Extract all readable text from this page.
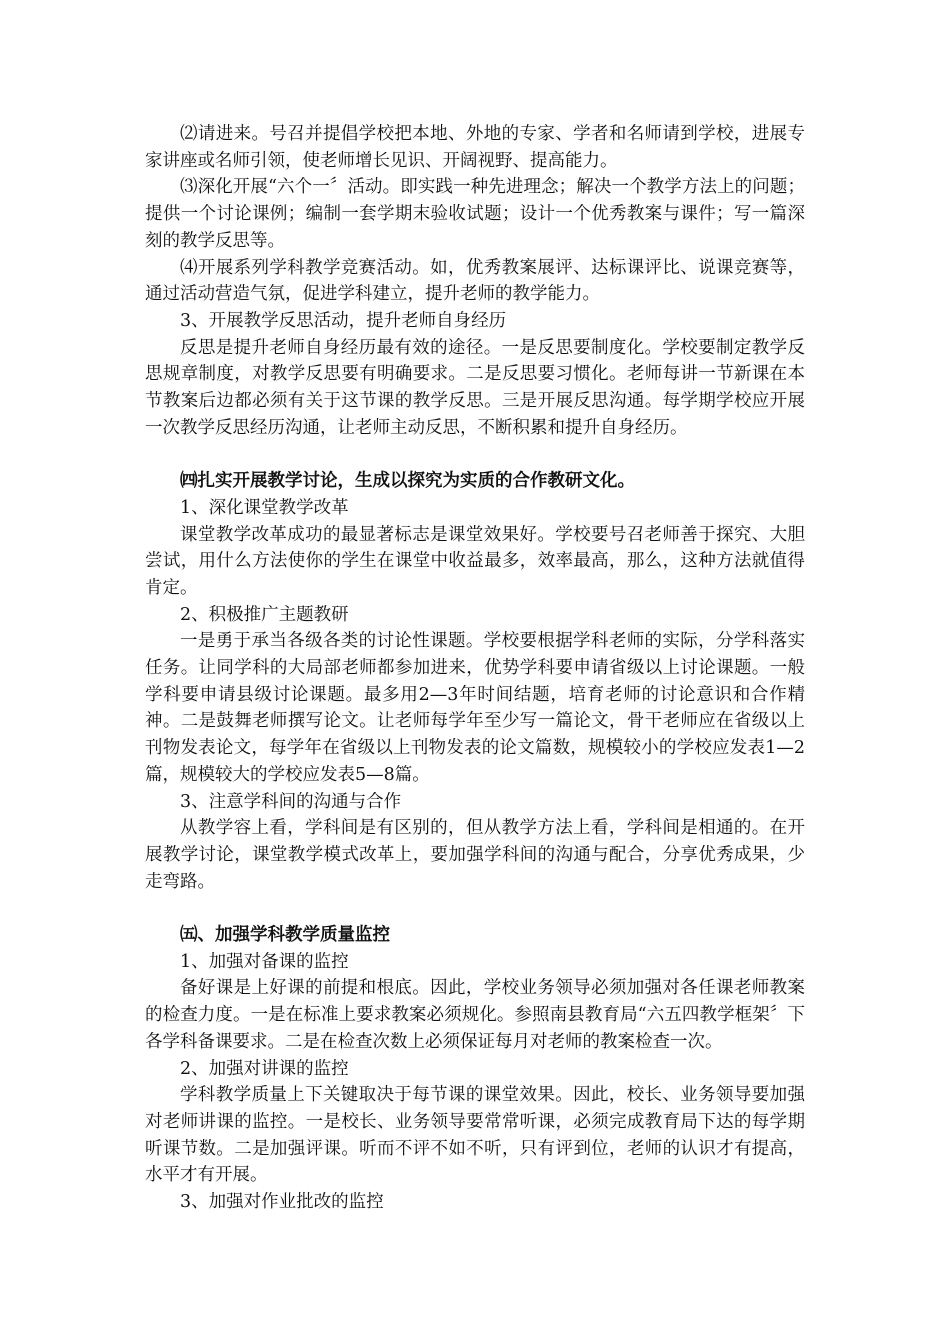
⑵请进来。号召并提倡学校把本地、外地的专家、学者和名师请到学校，进展专家讲座或名师引领，使老师增长见识、开阔视野、提高能力。

⑶深化开展“六个一〞活动。即实践一种先进理念；解决一个教学方法上的问题；提供一个讨论课例；编制一套学期末验收试题；设计一个优秀教案与课件；写一篇深刻的教学反思等。

⑷开展系列学科教学竞赛活动。如，优秀教案展评、达标课评比、说课竞赛等，通过活动营造气氛，促进学科建立，提升老师的教学能力。

3、开展教学反思活动，提升老师自身经历

反思是提升老师自身经历最有效的途径。一是反思要制度化。学校要制定教学反思规章制度，对教学反思要有明确要求。二是反思要习惯化。老师每讲一节新课在本节教案后边都必须有关于这节课的教学反思。三是开展反思沟通。每学期学校应开展一次教学反思经历沟通，让老师主动反思，不断积累和提升自身经历。

㈣扎实开展教学讨论，生成以探究为实质的合作教研文化。

1、深化课堂教学改革

课堂教学改革成功的最显著标志是课堂效果好。学校要号召老师善于探究、大胆尝试，用什么方法使你的学生在课堂中收益最多，效率最高，那么，这种方法就值得肯定。

2、积极推广主题教研

一是勇于承当各级各类的讨论性课题。学校要根据学科老师的实际，分学科落实任务。让同学科的大局部老师都参加进来，优势学科要申请省级以上讨论课题。一般学科要申请县级讨论课题。最多用2—3年时间结题，培育老师的讨论意识和合作精神。二是鼓舞老师撰写论文。让老师每学年至少写一篇论文，骨干老师应在省级以上刊物发表论文，每学年在省级以上刊物发表的论文篇数，规模较小的学校应发表1—2篇，规模较大的学校应发表5—8篇。

3、注意学科间的沟通与合作

从教学容上看，学科间是有区别的，但从教学方法上看，学科间是相通的。在开展教学讨论，课堂教学模式改革上，要加强学科间的沟通与配合，分享优秀成果，少走弯路。

㈤、加强学科教学质量监控

1、加强对备课的监控

备好课是上好课的前提和根底。因此，学校业务领导必须加强对各任课老师教案的检查力度。一是在标准上要求教案必须规化。参照南县教育局“六五四教学框架〞下各学科备课要求。二是在检查次数上必须保证每月对老师的教案检查一次。

2、加强对讲课的监控

学科教学质量上下关键取决于每节课的课堂效果。因此，校长、业务领导要加强对老师讲课的监控。一是校长、业务领导要常常听课，必须完成教育局下达的每学期听课节数。二是加强评课。听而不评不如不听，只有评到位，老师的认识才有提高，水平才有开展。

3、加强对作业批改的监控
